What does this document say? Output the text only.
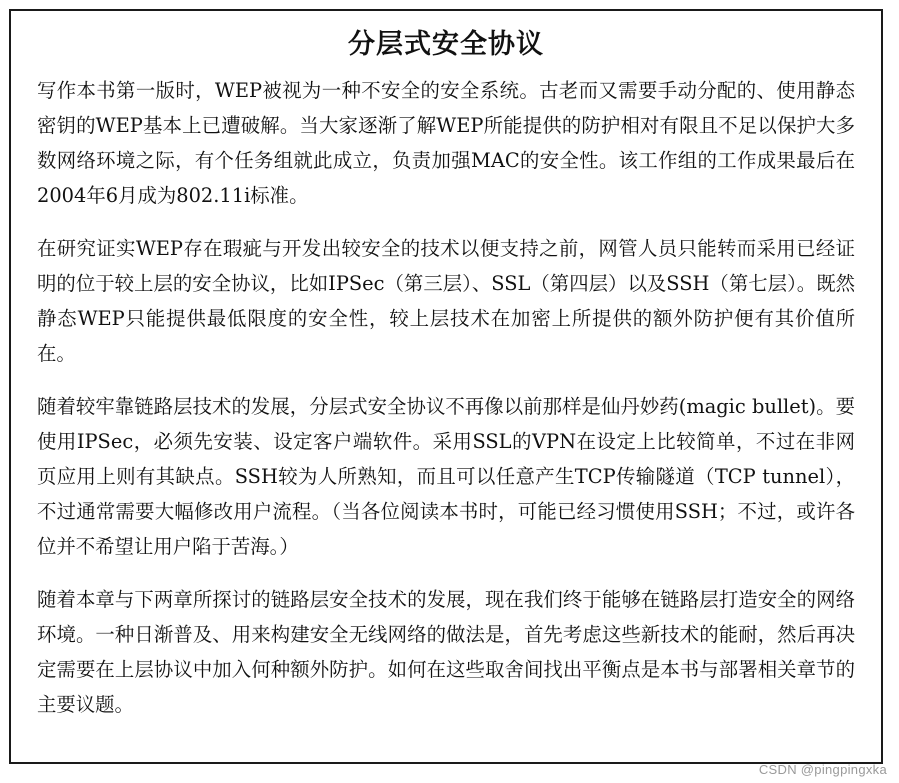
分层式安全协议

写作本书第一版时，WEP被视为一种不安全的安全系统。古老而又需要手动分配的、使用静态密钥的WEP基本上已遭破解。当大家逐渐了解WEP所能提供的防护相对有限且不足以保护大多数网络环境之际，有个任务组就此成立，负责加强MAC的安全性。该工作组的工作成果最后在2004年6月成为802.11i标准。

在研究证实WEP存在瑕疵与开发出较安全的技术以便支持之前，网管人员只能转而采用已经证明的位于较上层的安全协议，比如IPSec（第三层）、SSL（第四层）以及SSH（第七层）。既然静态WEP只能提供最低限度的安全性，较上层技术在加密上所提供的额外防护便有其价值所在。

随着较牢靠链路层技术的发展，分层式安全协议不再像以前那样是仙丹妙药(magic bullet)。要使用IPSec，必须先安装、设定客户端软件。采用SSL的VPN在设定上比较简单，不过在非网页应用上则有其缺点。SSH较为人所熟知，而且可以任意产生TCP传输隧道（TCP tunnel），不过通常需要大幅修改用户流程。（当各位阅读本书时，可能已经习惯使用SSH；不过，或许各位并不希望让用户陷于苦海。）

随着本章与下两章所探讨的链路层安全技术的发展，现在我们终于能够在链路层打造安全的网络环境。一种日渐普及、用来构建安全无线网络的做法是，首先考虑这些新技术的能耐，然后再决定需要在上层协议中加入何种额外防护。如何在这些取舍间找出平衡点是本书与部署相关章节的主要议题。

CSDN @pingpingxka
